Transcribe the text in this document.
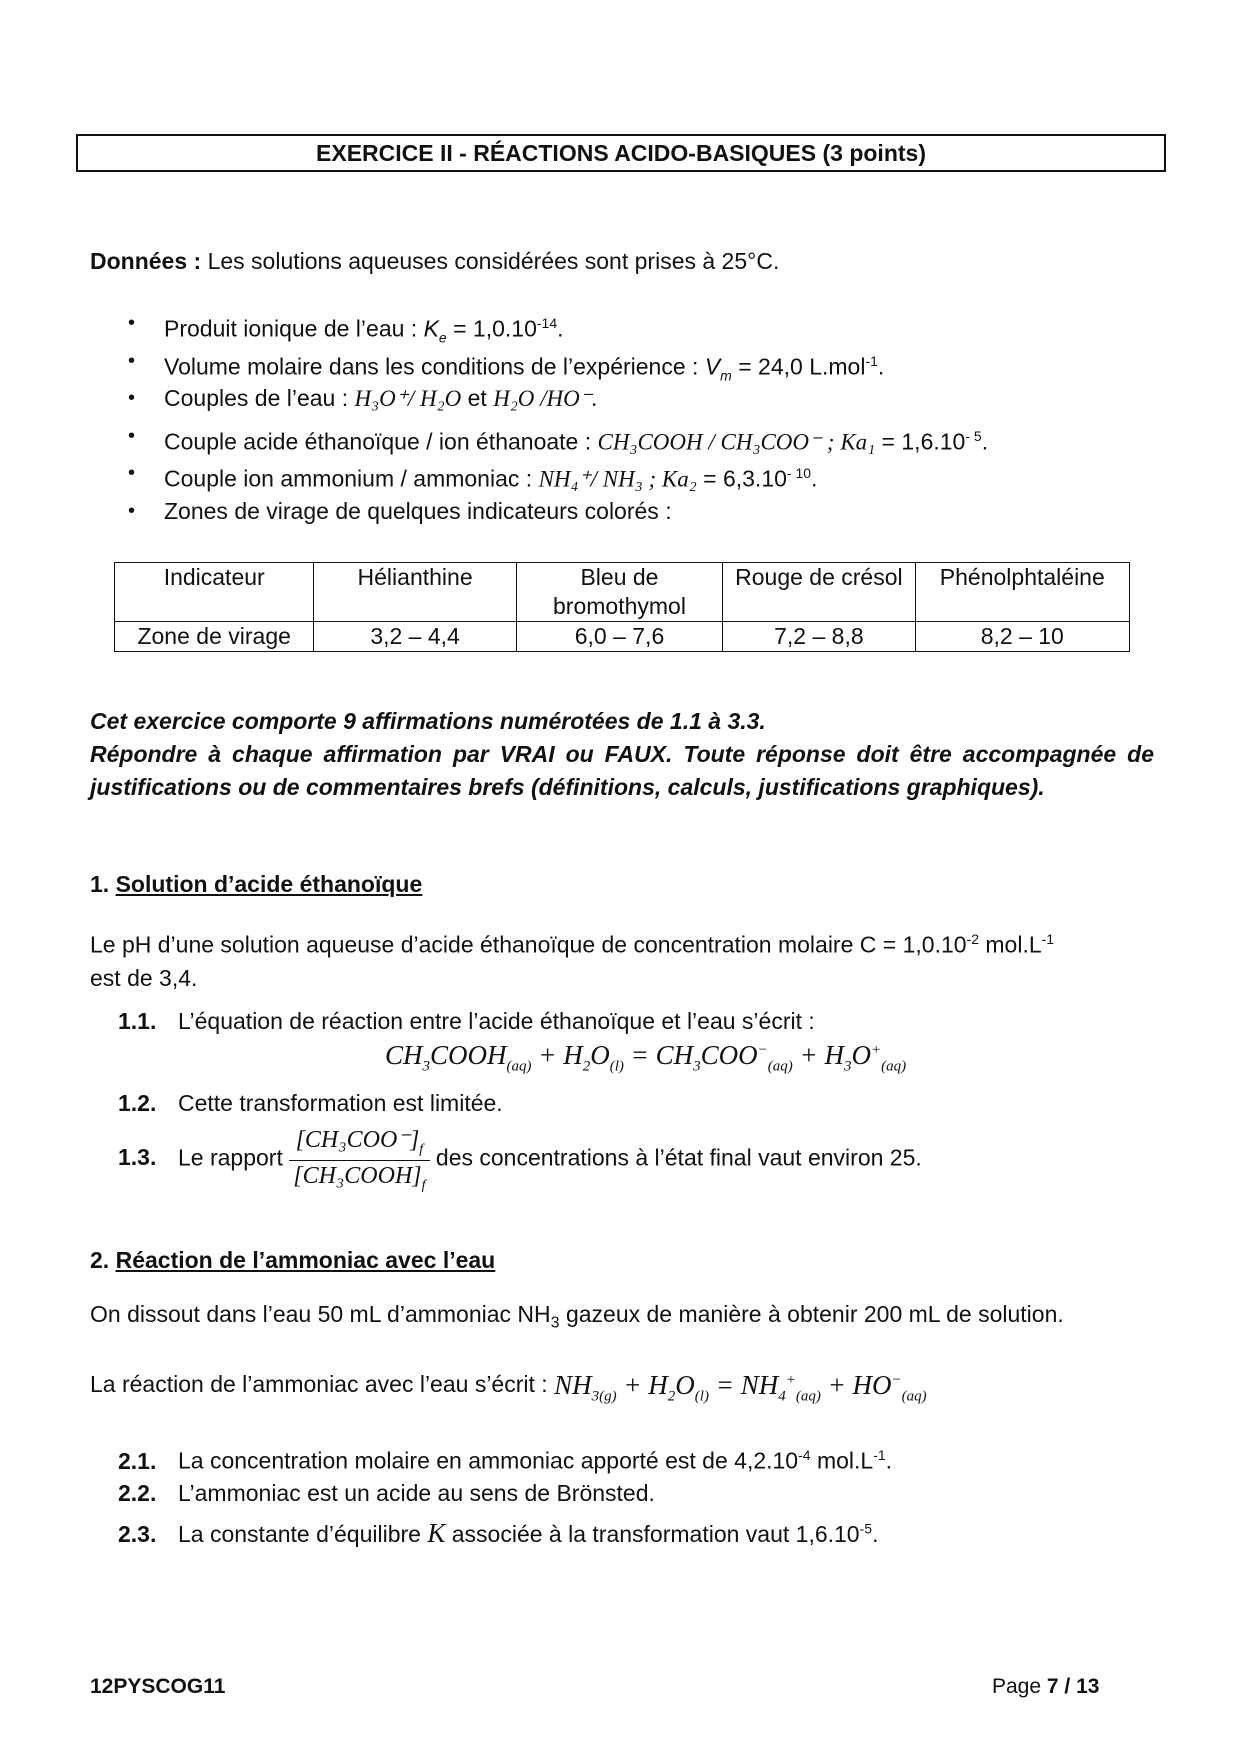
EXERCICE II - RÉACTIONS ACIDO-BASIQUES (3 points)
Données : Les solutions aqueuses considérées sont prises à 25°C.
• Produit ionique de l’eau : $K_e = 1,0.10^{-14}$.
• Volume molaire dans les conditions de l’expérience : $V_m = 24,0$ L.mol$^{-1}$.
• Couples de l’eau : H₃O⁺/ H₂O et H₂O /HO⁻.
• Couple acide éthanoïque / ion éthanoate : CH₃COOH / CH₃COO⁻ ; $Ka_1 = 1,6.10^{- 5}$.
• Couple ion ammonium / ammoniac : NH₄⁺/ NH₃ ; $Ka_2 = 6,3.10^{- 10}$.
• Zones de virage de quelques indicateurs colorés :
Indicateur	Hélianthine	Bleu de bromothymol	Rouge de crésol	Phénolphtaléine
Zone de virage	3,2 – 4,4	6,0 – 7,6	7,2 – 8,8	8,2 – 10
Cet exercice comporte 9 affirmations numérotées de 1.1 à 3.3.
Répondre à chaque affirmation par VRAI ou FAUX. Toute réponse doit être accompagnée de justifications ou de commentaires brefs (définitions, calculs, justifications graphiques).
1. Solution d’acide éthanoïque
Le pH d’une solution aqueuse d’acide éthanoïque de concentration molaire $C = 1,0.10^{-2}$ $mol.L^{-1}$
est de 3,4.
1.1. L’équation de réaction entre l’acide éthanoïque et l’eau s’écrit :
$CH_3COOH_{(aq)} + H_2O_{(l)} = CH_3COO^-_{(aq)} + H_3O^+_{(aq)}$
1.2. Cette transformation est limitée.
1.3. Le rapport $\frac{[CH_3COO^-]_f}{[CH_3COOH]_f}$ des concentrations à l’état final vaut environ 25.
2. Réaction de l’ammoniac avec l’eau
On dissout dans l’eau 50 mL d’ammoniac $NH_3$ gazeux de manière à obtenir 200 mL de solution.
La réaction de l’ammoniac avec l’eau s’écrit : $NH_{3(g)} + H_2O_{(l)} = NH_4^+_{(aq)} + HO^-_{(aq)}$
2.1. La concentration molaire en ammoniac apporté est de $4,2.10^{-4}$ $mol.L^{-1}$.
2.2. L’ammoniac est un acide au sens de Brönsted.
2.3. La constante d’équilibre K associée à la transformation vaut $1,6.10^{-5}$.
12PYSCOG11	Page 7 / 13
